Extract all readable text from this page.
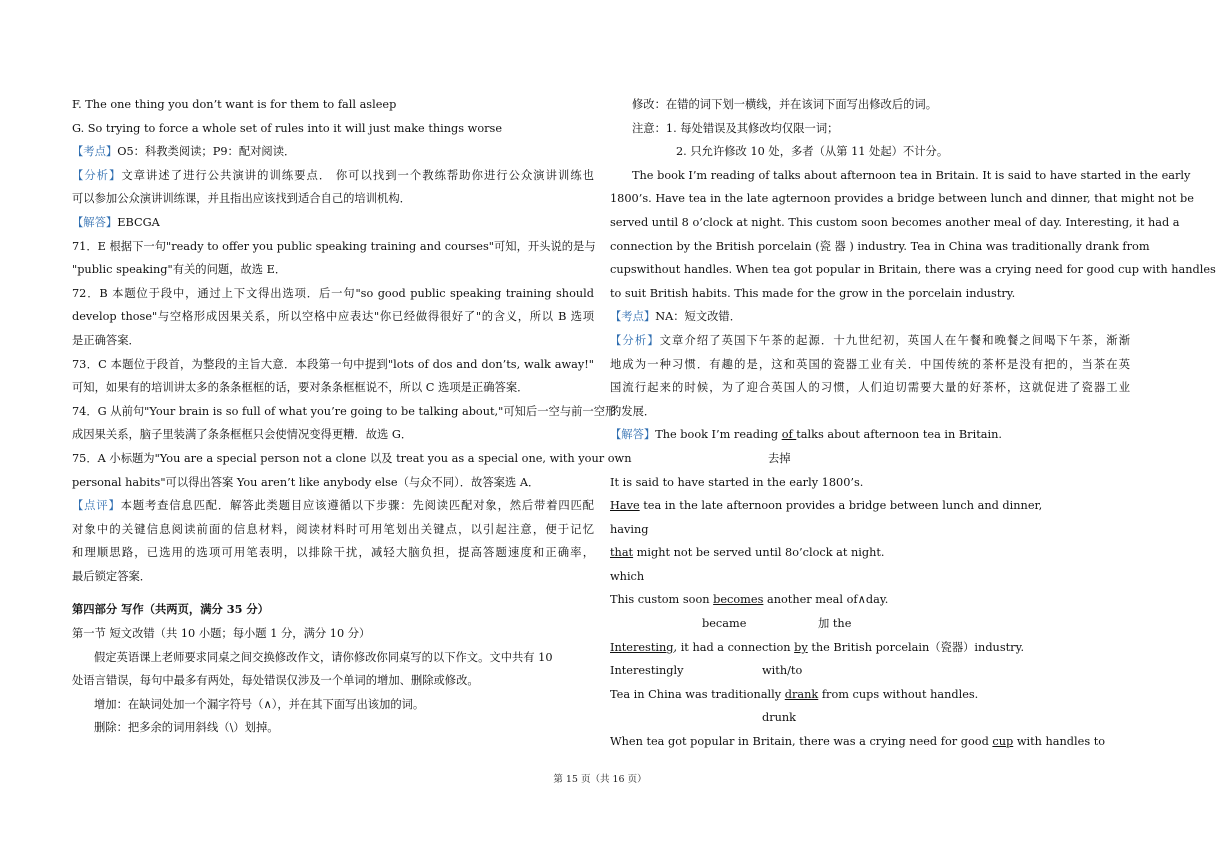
F. The one thing you don’t want is for them to fall asleep
G. So trying to force a whole set of rules into it will just make things worse
【考点】O5：科教类阅读；P9：配对阅读．
【分析】文章讲述了进行公共演讲的训练要点． 你可以找到一个教练帮助你进行公众演讲训练也
可以参加公众演讲训练课，并且指出应该找到适合自己的培训机构．
【解答】EBCGA
71．E 根据下一句"ready to offer you public speaking training and courses"可知，开头说的是与
"public speaking"有关的问题，故选 E．
72．B 本题位于段中，通过上下文得出选项．后一句"so good public speaking training should
develop those"与空格形成因果关系，所以空格中应表达"你已经做得很好了"的含义，所以 B 选项
是正确答案．
73．C 本题位于段首，为整段的主旨大意．本段第一句中提到"lots of dos and don’ts, walk away!"
可知，如果有的培训讲太多的条条框框的话，要对条条框框说不，所以 C 选项是正确答案．
74．G 从前句"Your brain is so full of what you’re going to be talking about,"可知后一空与前一空形
成因果关系，脑子里装满了条条框框只会使情况变得更糟．故选 G．
75．A 小标题为"You are a special person not a clone 以及 treat you as a special one, with your own
personal habits"可以得出答案 You aren’t like anybody else（与众不同）．故答案选 A．
【点评】本题考查信息匹配．解答此类题目应该遵循以下步骤：先阅读匹配对象，然后带着四匹配
对象中的关键信息阅读前面的信息材料，阅读材料时可用笔划出关键点，以引起注意，便于记忆
和理顺思路，已选用的选项可用笔表明，以排除干扰，减轻大脑负担，提高答题速度和正确率，
最后锁定答案．
第四部分 写作（共两页，满分 35 分）
第一节 短文改错（共 10 小题；每小题 1 分，满分 10 分）
假定英语课上老师要求同桌之间交换修改作文，请你修改你同桌写的以下作文。文中共有 10
处语言错误，每句中最多有两处，每处错误仅涉及一个单词的增加、删除或修改。
增加：在缺词处加一个漏字符号（∧），并在其下面写出该加的词。
删除：把多余的词用斜线（\）划掉。
修改：在错的词下划一横线，并在该词下面写出修改后的词。
注意：1. 每处错误及其修改均仅限一词；
2. 只允许修改 10 处，多者（从第 11 处起）不计分。
The book I’m reading of talks about afternoon tea in Britain. It is said to have started in the early
1800’s. Have tea in the late agternoon provides a bridge between lunch and dinner, that might not be
served until 8 o’clock at night. This custom soon becomes another meal of day. Interesting, it had a
connection by the British porcelain (瓷 器 ) industry. Tea in China was traditionally drank from
cupswithout handles. When tea got popular in Britain, there was a crying need for good cup with handles
to suit British habits. This made for the grow in the porcelain industry.
【考点】NA：短文改错．
【分析】文章介绍了英国下午茶的起源．十九世纪初，英国人在午餐和晚餐之间喝下午茶，渐渐
地成为一种习惯．有趣的是，这和英国的瓷器工业有关．中国传统的茶杯是没有把的，当茶在英
国流行起来的时候，为了迎合英国人的习惯，人们迫切需要大量的好茶杯，这就促进了瓷器工业
的发展．
【解答】The book I’m reading of talks about afternoon tea in Britain.
去掉
It is said to have started in the early 1800’s.
Have tea in the late afternoon provides a bridge between lunch and dinner,
having
that might not be served until 8o’clock at night.
which
This custom soon becomes another meal of∧day.
became	加 the
Interesting, it had a connection by the British porcelain（瓷器）industry.
Interestingly	with/to
Tea in China was traditionally drank from cups without handles.
drunk
When tea got popular in Britain, there was a crying need for good cup with handles to
第 15 页（共 16 页）
